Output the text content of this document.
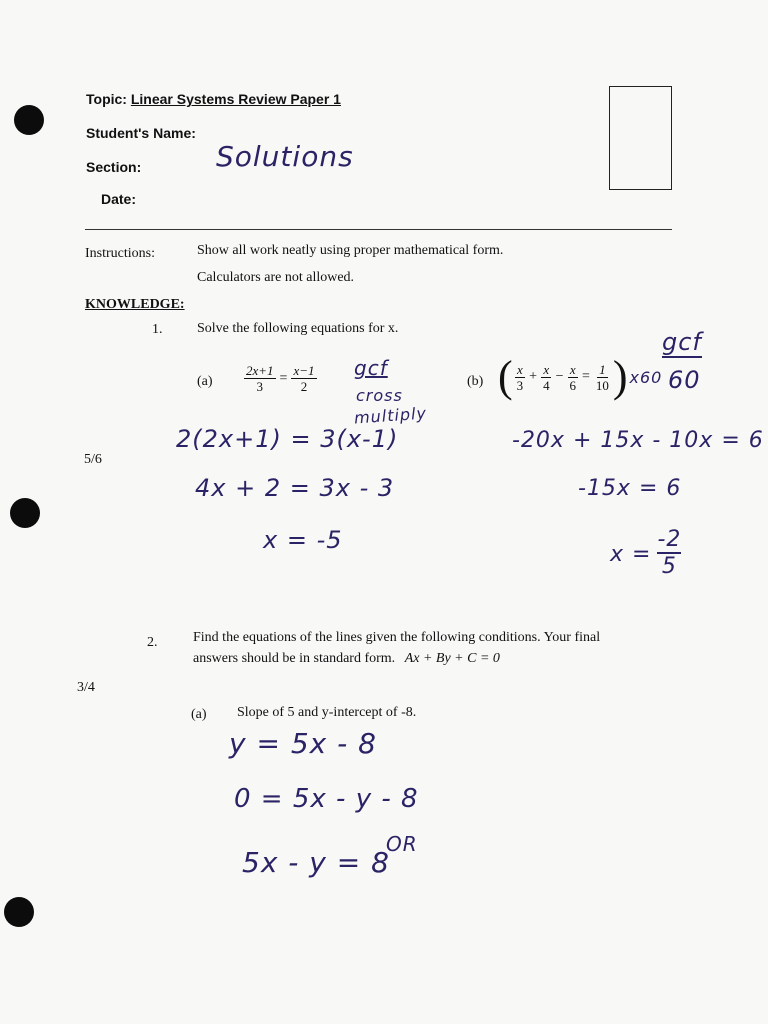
Topic: Linear Systems Review Paper 1
Student's Name:
Section:	Solutions
Date:
Instructions:	Show all work neatly using proper mathematical form.
Calculators are not allowed.
KNOWLEDGE:
1. Solve the following equations for x.
5/6
$(a) \frac{2x+1}{3} = \frac{x-1}{2}$ gcf
cross
multiply
2(2x+1) = 3(x-1)
4x + 2 = 3x - 3
x = -5
(b) ( $\frac{x}{3} + \frac{x}{4} - \frac{x}{6} = \frac{1}{10}$ ) x60
gcf
60
-20x + 15x - 10x = 6
-15x = 6
$x = \frac{-2}{5}$
2.	Find the equations of the lines given the following conditions. Your final
answers should be in standard form. Ax + By + C = 0
3/4
(a) Slope of 5 and y-intercept of -8.
y = 5x - 8
0 = 5x - y - 8
OR
5x - y = 8
